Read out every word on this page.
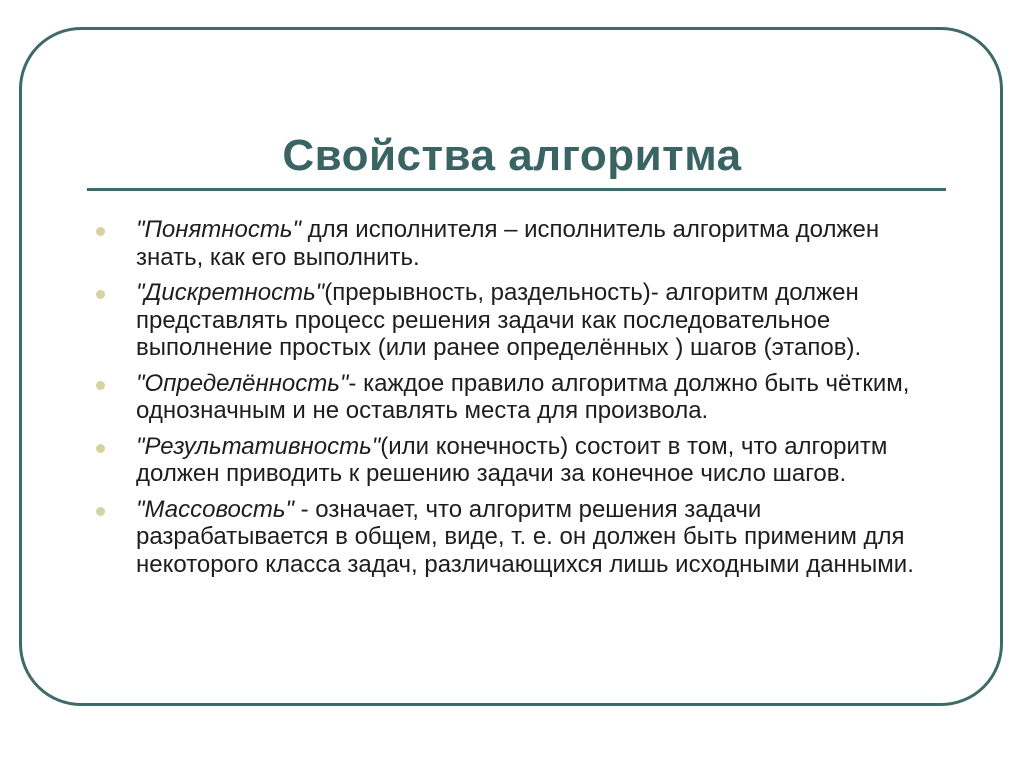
Свойства алгоритма
"Понятность" для исполнителя – исполнитель алгоритма должен знать, как его выполнить.
"Дискретность"(прерывность, раздельность)- алгоритм должен представлять процесс решения задачи как последовательное выполнение простых (или ранее определённых ) шагов (этапов).
"Определённость"- каждое правило алгоритма должно быть чётким, однозначным и не оставлять места для произвола.
"Результативность"(или конечность) состоит в том, что алгоритм должен приводить к решению задачи за конечное число шагов.
"Массовость" - означает, что алгоритм решения задачи разрабатывается в общем, виде, т. е. он должен быть применим для некоторого класса задач, различающихся лишь исходными данными.
